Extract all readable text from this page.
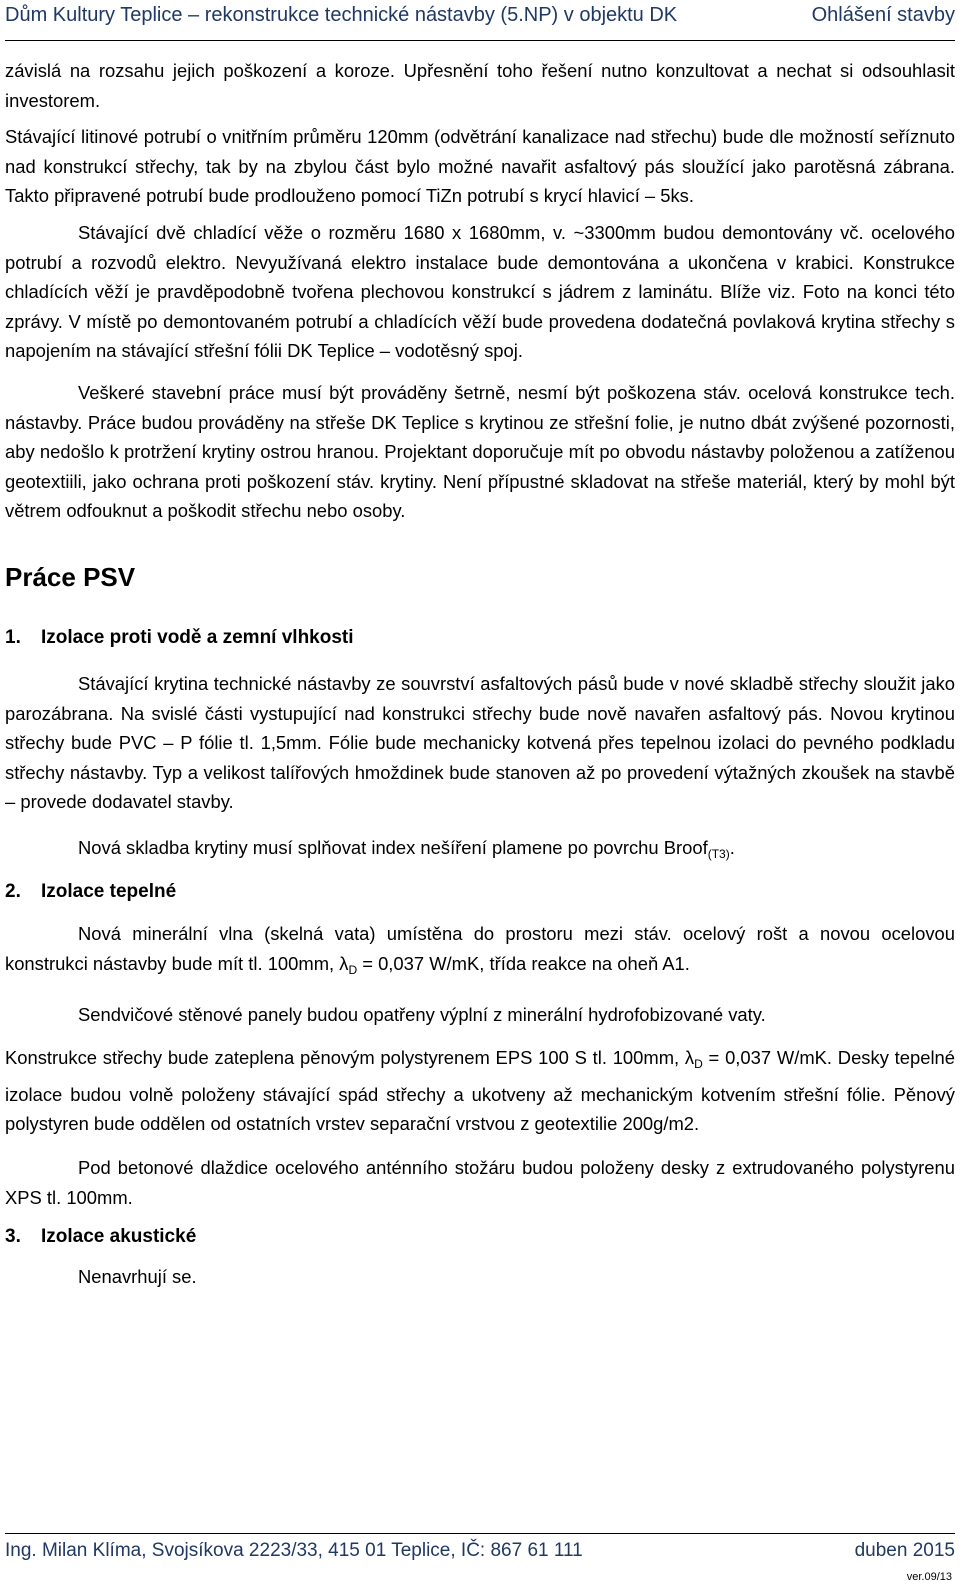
Dům Kultury Teplice – rekonstrukce technické nástavby (5.NP) v objektu DK	Ohlášení stavby

závislá na rozsahu jejich poškození a koroze. Upřesnění toho řešení nutno konzultovat a nechat si odsouhlasit investorem.

Stávající litinové potrubí o vnitřním průměru 120mm (odvětrání kanalizace nad střechu) bude dle možností seříznuto nad konstrukcí střechy, tak by na zbylou část bylo možné navařit asfaltový pás sloužící jako parotěsná zábrana. Takto připravené potrubí bude prodlouženo pomocí TiZn potrubí s krycí hlavicí – 5ks.

Stávající dvě chladící věže o rozměru 1680 x 1680mm, v. ~3300mm budou demontovány vč. ocelového potrubí a rozvodů elektro. Nevyužívaná elektro instalace bude demontována a ukončena v krabici. Konstrukce chladících věží je pravděpodobně tvořena plechovou konstrukcí s jádrem z laminátu. Blíže viz. Foto na konci této zprávy. V místě po demontovaném potrubí a chladících věží bude provedena dodatečná povlaková krytina střechy s napojením na stávající střešní fólii DK Teplice – vodotěsný spoj.

Veškeré stavební práce musí být prováděny šetrně, nesmí být poškozena stáv. ocelová konstrukce tech. nástavby. Práce budou prováděny na střeše DK Teplice s krytinou ze střešní folie, je nutno dbát zvýšené pozornosti, aby nedošlo k protržení krytiny ostrou hranou. Projektant doporučuje mít po obvodu nástavby položenou a zatíženou geotextiili, jako ochrana proti poškození stáv. krytiny. Není přípustné skladovat na střeše materiál, který by mohl být větrem odfouknut a poškodit střechu nebo osoby.

Práce PSV

1. Izolace proti vodě a zemní vlhkosti

Stávající krytina technické nástavby ze souvrství asfaltových pásů bude v nové skladbě střechy sloužit jako parozábrana. Na svislé části vystupující nad konstrukci střechy bude nově navařen asfaltový pás. Novou krytinou střechy bude PVC – P fólie tl. 1,5mm. Fólie bude mechanicky kotvená přes tepelnou izolaci do pevného podkladu střechy nástavby. Typ a velikost talířových hmoždinek bude stanoven až po provedení výtažných zkoušek na stavbě – provede dodavatel stavby.

Nová skladba krytiny musí splňovat index nešíření plamene po povrchu Broof$_{(T3)}$.

2. Izolace tepelné

Nová minerální vlna (skelná vata) umístěna do prostoru mezi stáv. ocelový rošt a novou ocelovou konstrukci nástavby bude mít tl. 100mm, $\lambda_D = 0,037$ W/mK, třída reakce na oheň A1.

Sendvičové stěnové panely budou opatřeny výplní z minerální hydrofobizované vaty.

Konstrukce střechy bude zateplena pěnovým polystyrenem EPS 100 S tl. 100mm, $\lambda_D = 0,037$ W/mK. Desky tepelné izolace budou volně položeny stávající spád střechy a ukotveny až mechanickým kotvením střešní fólie. Pěnový polystyren bude oddělen od ostatních vrstev separační vrstvou z geotextilie 200g/m2.

Pod betonové dlaždice ocelového anténního stožáru budou položeny desky z extrudovaného polystyrenu XPS tl. 100mm.

3. Izolace akustické

Nenavrhují se.

Ing. Milan Klíma, Svojsíkova 2223/33, 415 01 Teplice, IČ: 867 61 111	duben 2015
ver.09/13
